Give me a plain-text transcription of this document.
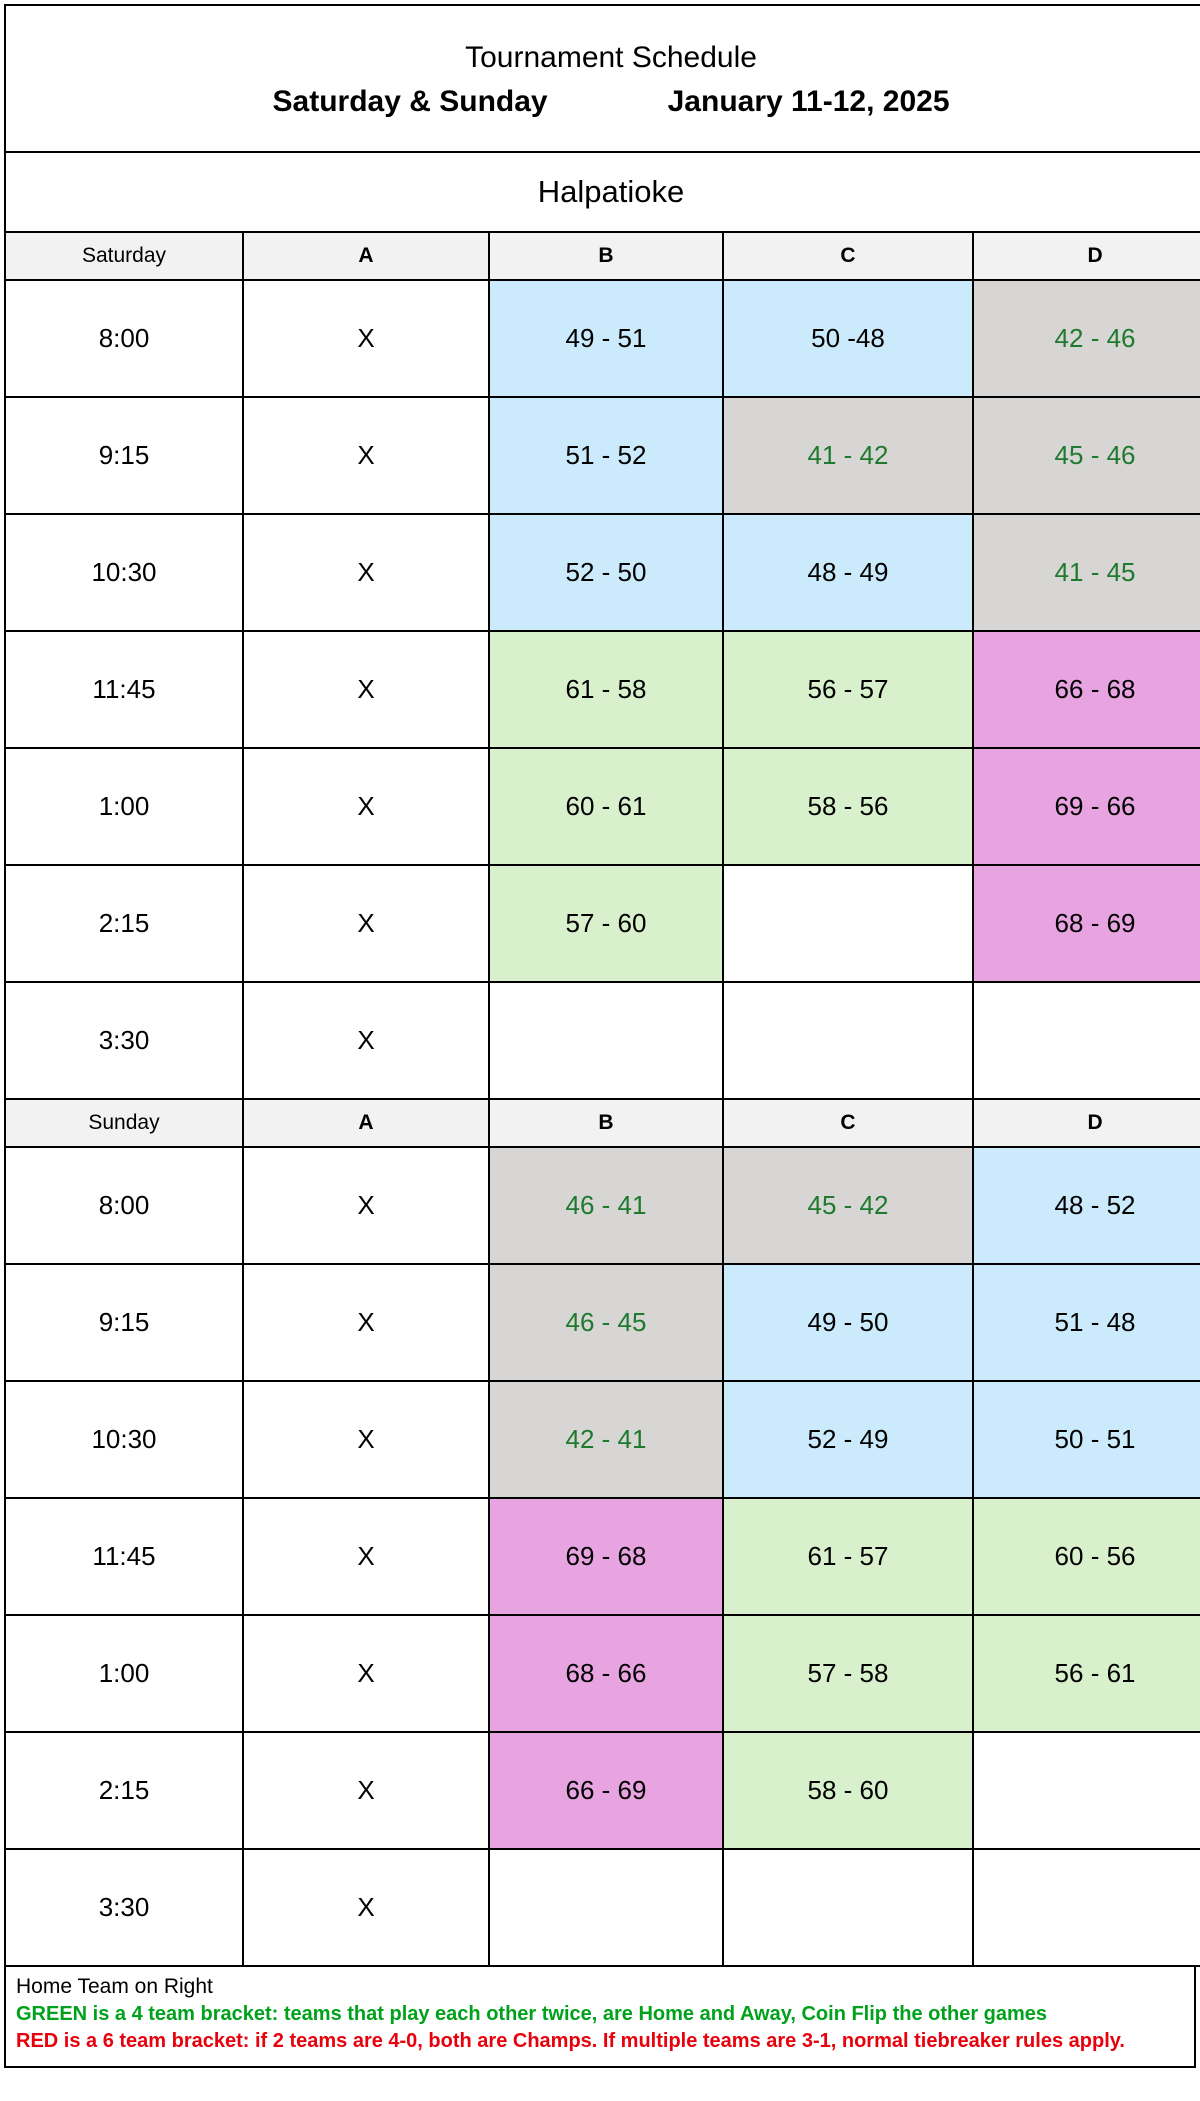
Tournament Schedule
Saturday & Sunday January 11-12, 2025				

Halpatioke				
Saturday	A	B	C	D
8:00	X	49 - 51	50 -48	42 - 46
9:15	X	51 - 52	41 - 42	45 - 46
10:30	X	52 - 50	48 - 49	41 - 45
11:45	X	61 - 58	56 - 57	66 - 68
1:00	X	60 - 61	58 - 56	69 - 66
2:15	X	57 - 60		68 - 69
3:30	X			
Sunday	A	B	C	D
8:00	X	46 - 41	45 - 42	48 - 52
9:15	X	46 - 45	49 - 50	51 - 48
10:30	X	42 - 41	52 - 49	50 - 51
11:45	X	69 - 68	61 - 57	60 - 56
1:00	X	68 - 66	57 - 58	56 - 61
2:15	X	66 - 69	58 - 60	
3:30	X			
Home Team on Right
GREEN is a 4 team bracket: teams that play each other twice, are Home and Away, Coin Flip the other games
RED is a 6 team bracket: if 2 teams are 4-0, both are Champs. If multiple teams are 3-1, normal tiebreaker rules apply.
